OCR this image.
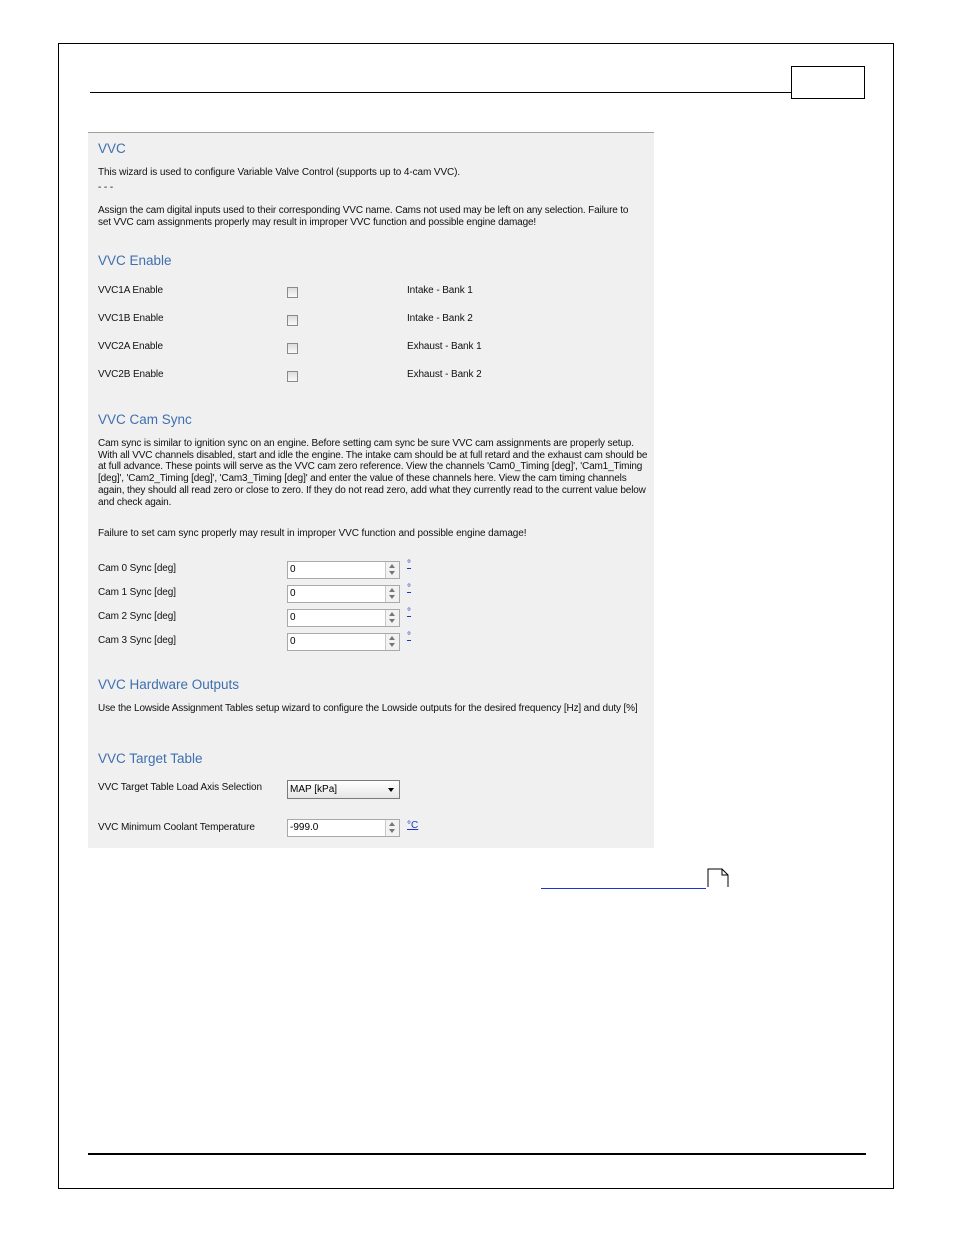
VVC
This wizard is used to configure Variable Valve Control (supports up to 4-cam VVC).
- - -
Assign the cam digital inputs used to their corresponding VVC name. Cams not used may be left on any selection. Failure to set VVC cam assignments properly may result in improper VVC function and possible engine damage!
VVC Enable
VVC1A Enable	Intake - Bank 1
VVC1B Enable	Intake - Bank 2
VVC2A Enable	Exhaust - Bank 1
VVC2B Enable	Exhaust - Bank 2
VVC Cam Sync
Cam sync is similar to ignition sync on an engine. Before setting cam sync be sure VVC cam assignments are properly setup. With all VVC channels disabled, start and idle the engine. The intake cam should be at full retard and the exhaust cam should be at full advance. These points will serve as the VVC cam zero reference. View the channels 'Cam0_Timing [deg]', 'Cam1_Timing [deg]', 'Cam2_Timing [deg]', 'Cam3_Timing [deg]' and enter the value of these channels here. View the cam timing channels again, they should all read zero or close to zero. If they do not read zero, add what they currently read to the current value below and check again.
Failure to set cam sync properly may result in improper VVC function and possible engine damage!
Cam 0 Sync [deg]	0	°
Cam 1 Sync [deg]	0	°
Cam 2 Sync [deg]	0	°
Cam 3 Sync [deg]	0	°
VVC Hardware Outputs
Use the Lowside Assignment Tables setup wizard to configure the Lowside outputs for the desired frequency [Hz] and duty [%]
VVC Target Table
VVC Target Table Load Axis Selection	MAP [kPa]
VVC Minimum Coolant Temperature	-999.0	°C
